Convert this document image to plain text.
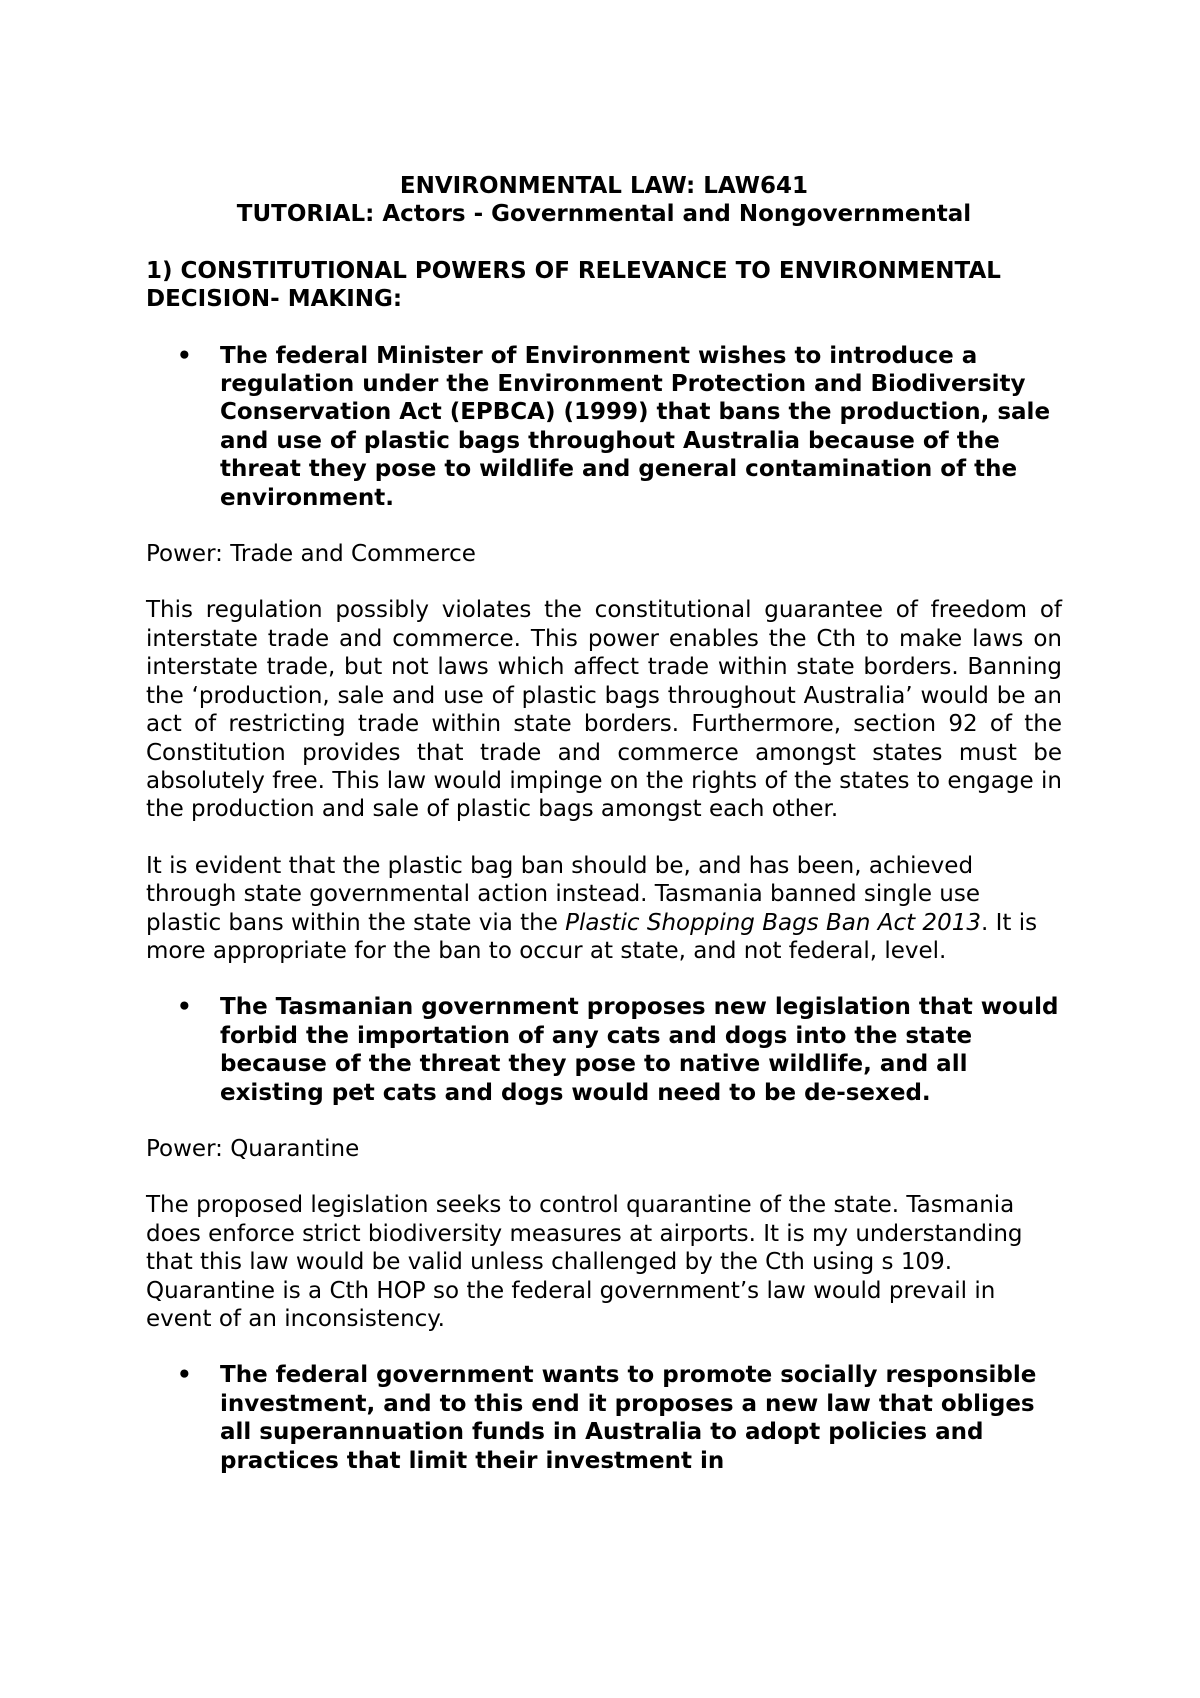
ENVIRONMENTAL LAW: LAW641
TUTORIAL: Actors - Governmental and Nongovernmental
1) CONSTITUTIONAL POWERS OF RELEVANCE TO ENVIRONMENTAL DECISION- MAKING:
• The federal Minister of Environment wishes to introduce a regulation under the Environment Protection and Biodiversity Conservation Act (EPBCA) (1999) that bans the production, sale and use of plastic bags throughout Australia because of the threat they pose to wildlife and general contamination of the environment.
Power: Trade and Commerce
This regulation possibly violates the constitutional guarantee of freedom of interstate trade and commerce. This power enables the Cth to make laws on interstate trade, but not laws which affect trade within state borders. Banning the ‘production, sale and use of plastic bags throughout Australia’ would be an act of restricting trade within state borders. Furthermore, section 92 of the Constitution provides that trade and commerce amongst states must be absolutely free. This law would impinge on the rights of the states to engage in the production and sale of plastic bags amongst each other.
It is evident that the plastic bag ban should be, and has been, achieved through state governmental action instead. Tasmania banned single use plastic bans within the state via the Plastic Shopping Bags Ban Act 2013. It is more appropriate for the ban to occur at state, and not federal, level.
• The Tasmanian government proposes new legislation that would forbid the importation of any cats and dogs into the state because of the threat they pose to native wildlife, and all existing pet cats and dogs would need to be de-sexed.
Power: Quarantine
The proposed legislation seeks to control quarantine of the state. Tasmania does enforce strict biodiversity measures at airports. It is my understanding that this law would be valid unless challenged by the Cth using s 109. Quarantine is a Cth HOP so the federal government’s law would prevail in event of an inconsistency.
• The federal government wants to promote socially responsible investment, and to this end it proposes a new law that obliges all superannuation funds in Australia to adopt policies and practices that limit their investment in
